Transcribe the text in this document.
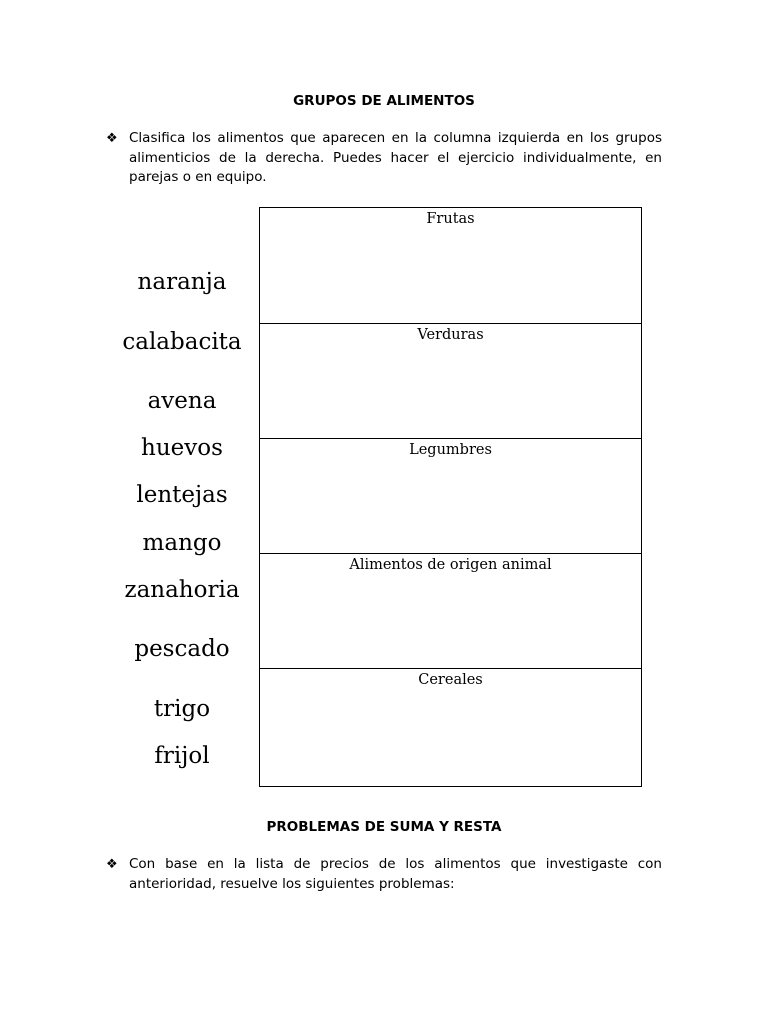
GRUPOS DE ALIMENTOS
❖ Clasifica los alimentos que aparecen en la columna izquierda en los grupos alimenticios de la derecha. Puedes hacer el ejercicio individualmente, en parejas o en equipo.
naranja
calabacita
avena
huevos
lentejas
mango
zanahoria
pescado
trigo
frijol
Frutas
Verduras
Legumbres
Alimentos de origen animal
Cereales
PROBLEMAS DE SUMA Y RESTA
❖ Con base en la lista de precios de los alimentos que investigaste con anterioridad, resuelve los siguientes problemas:
